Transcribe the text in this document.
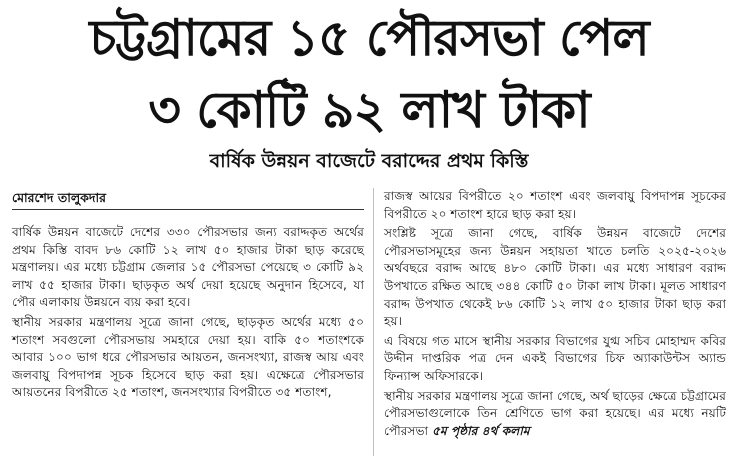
চট্টগ্রামের ১৫ পৌরসভা পেল
৩ কোটি ৯২ লাখ টাকা
বার্ষিক উন্নয়ন বাজেটে বরাদ্দের প্রথম কিস্তি
মোরশেদ তালুকদার

বার্ষিক উন্নয়ন বাজেটে দেশের ৩৩০ পৌরসভার জন্য বরাদ্দকৃত অর্থের প্রথম কিস্তি বাবদ ৮৬ কোটি ১২ লাখ ৫০ হাজার টাকা ছাড় করেছে মন্ত্রণালয়। এর মধ্যে চট্টগ্রাম জেলার ১৫ পৌরসভা পেয়েছে ৩ কোটি ৯২ লাখ ৫৫ হাজার টাকা। ছাড়কৃত অর্থ দেয়া হয়েছে অনুদান হিসেবে, যা পৌর এলাকায় উন্নয়নে ব্যয় করা হবে।

স্থানীয় সরকার মন্ত্রণালয় সূত্রে জানা গেছে, ছাড়কৃত অর্থের মধ্যে ৫০ শতাংশ সবগুলো পৌরসভায় সমহারে দেয়া হয়। বাকি ৫০ শতাংশকে আবার ১০০ ভাগ ধরে পৌরসভার আয়তন, জনসংখ্যা, রাজস্ব আয় এবং জলবায়ু বিপদাপন্ন সূচক হিসেবে ছাড় করা হয়। এক্ষেত্রে পৌরসভার আয়তনের বিপরীতে ২৫ শতাংশ, জনসংখ্যার বিপরীতে ৩৫ শতাংশ,

রাজস্ব আয়ের বিপরীতে ২০ শতাংশ এবং জলবায়ু বিপদাপন্ন সূচকের বিপরীতে ২০ শতাংশ হারে ছাড় করা হয়।

সংশ্লিষ্ট সূত্রে জানা গেছে, বার্ষিক উন্নয়ন বাজেটে দেশের পৌরসভাসমূহের জন্য উন্নয়ন সহায়তা খাতে চলতি ২০২৫-২০২৬ অর্থবছরে বরাদ্দ আছে ৪৮০ কোটি টাকা। এর মধ্যে সাধারণ বরাদ্দ উপখাতে রক্ষিত আছে ৩৪৪ কোটি ৫০ টাকা লাখ টাকা। মূলত সাধারণ বরাদ্দ উপখাত থেকেই ৮৬ কোটি ১২ লাখ ৫০ হাজার টাকা ছাড় করা হয়।

এ বিষয়ে গত মাসে স্থানীয় সরকার বিভাগের যুগ্ম সচিব মোহাম্মদ কবির উদ্দীন দাপ্তরিক পত্র দেন একই বিভাগের চিফ অ্যাকাউন্টস অ্যান্ড ফিন্যান্স অফিসারকে।

স্থানীয় সরকার মন্ত্রণালয় সূত্রে জানা গেছে, অর্থ ছাড়ের ক্ষেত্রে চট্টগ্রামের পৌরসভাগুলোকে তিন শ্রেণিতে ভাগ করা হয়েছে। এর মধ্যে নয়টি পৌরসভা ৫ম পৃষ্ঠার ৪র্থ কলাম
